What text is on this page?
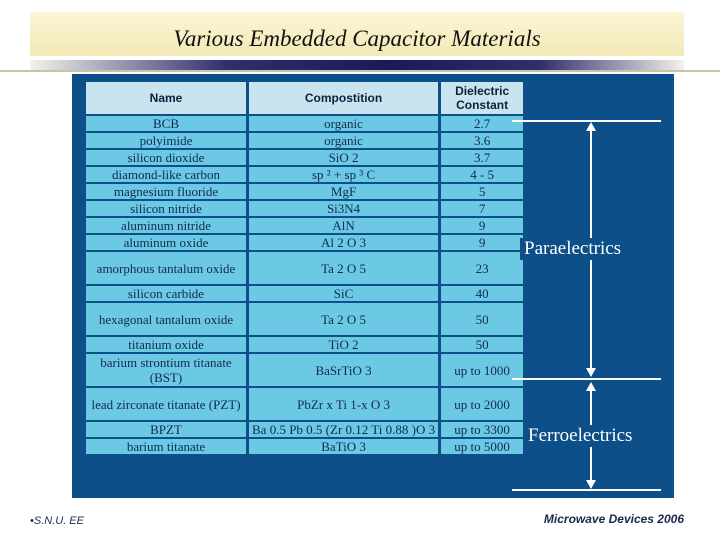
Various Embedded Capacitor Materials
Name	Compostition	Dielectric Constant
BCB	organic	2.7
polyimide	organic	3.6
silicon dioxide	SiO 2	3.7
diamond-like carbon	sp ² + sp ³ C	4 - 5
magnesium fluoride	MgF	5
silicon nitride	Si3N4	7
aluminum nitride	AlN	9
aluminum oxide	Al 2 O 3	9
amorphous tantalum oxide	Ta 2 O 5	23
silicon carbide	SiC	40
hexagonal tantalum oxide	Ta 2 O 5	50
titanium oxide	TiO 2	50
barium strontium titanate (BST)	BaSrTiO 3	up to 1000
lead zirconate titanate (PZT)	PbZr x Ti 1-x O 3	up to 2000
BPZT	Ba 0.5 Pb 0.5 (Zr 0.12 Ti 0.88 )O 3	up to 3300
barium titanate	BaTiO 3	up to 5000
Paraelectrics
Ferroelectrics
•S.N.U. EE	Microwave Devices 2006
